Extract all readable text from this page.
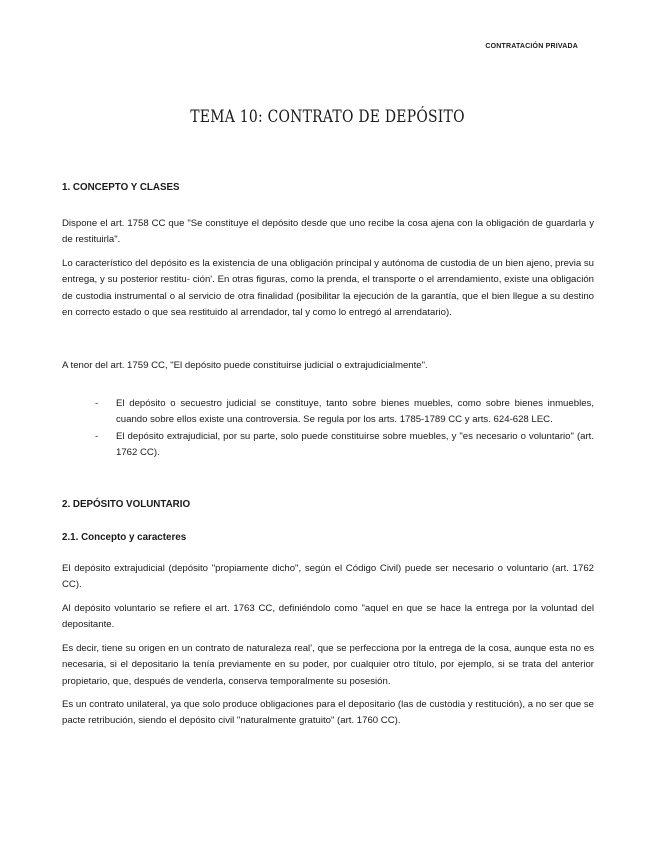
CONTRATACIÓN PRIVADA
TEMA 10: CONTRATO DE DEPÓSITO
1. CONCEPTO Y CLASES

Dispone el art. 1758 CC que "Se constituye el depósito desde que uno recibe la cosa ajena con la obligación de guardarla y de restituirla".

Lo característico del depósito es la existencia de una obligación principal y autónoma de custodia de un bien ajeno, previa su entrega, y su posterior restitu- ción'. En otras figuras, como la prenda, el transporte o el arrendamiento, existe una obligación de custodia instrumental o al servicio de otra finalidad (posibilitar la ejecución de la garantía, que el bien llegue a su destino en correcto estado o que sea restituido al arrendador, tal y como lo entregó al arrendatario).

A tenor del art. 1759 CC, "El depósito puede constituirse judicial o extrajudicialmente".

- El depósito o secuestro judicial se constituye, tanto sobre bienes muebles, como sobre bienes inmuebles, cuando sobre ellos existe una controversia. Se regula por los arts. 1785-1789 CC y arts. 624-628 LEC.
- El depósito extrajudicial, por su parte, solo puede constituirse sobre muebles, y "es necesario o voluntario" (art. 1762 CC).
2. DEPÓSITO VOLUNTARIO
2.1. Concepto y caracteres

El depósito extrajudicial (depósito "propiamente dicho", según el Código Civil) puede ser necesario o voluntario (art. 1762 CC).

Al depósito voluntario se refiere el art. 1763 CC, definiéndolo como "aquel en que se hace la entrega por la voluntad del depositante.

Es decir, tiene su origen en un contrato de naturaleza real', que se perfecciona por la entrega de la cosa, aunque esta no es necesaria, si el depositario la tenía previamente en su poder, por cualquier otro título, por ejemplo, si se trata del anterior propietario, que, después de venderla, conserva temporalmente su posesión.

Es un contrato unilateral, ya que solo produce obligaciones para el depositario (las de custodia y restitución), a no ser que se pacte retribución, siendo el depósito civil "naturalmente gratuito" (art. 1760 CC).
